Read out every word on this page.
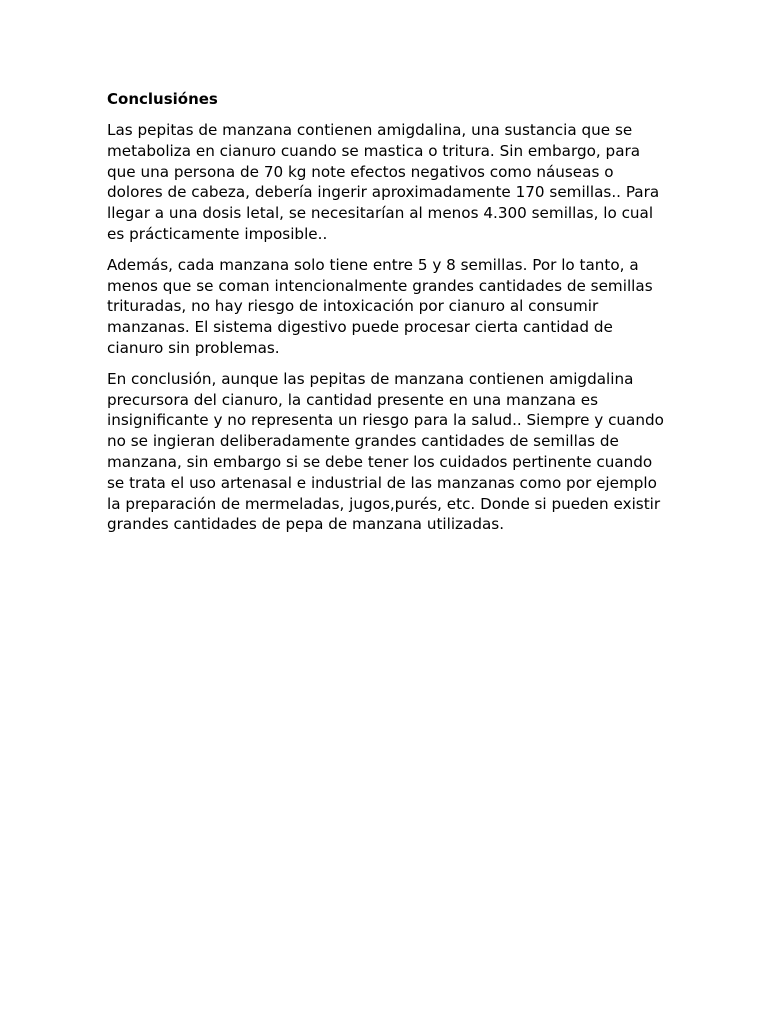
Conclusiónes

Las pepitas de manzana contienen amigdalina, una sustancia que se metaboliza en cianuro cuando se mastica o tritura. Sin embargo, para que una persona de 70 kg note efectos negativos como náuseas o dolores de cabeza, debería ingerir aproximadamente 170 semillas.. Para llegar a una dosis letal, se necesitarían al menos 4.300 semillas, lo cual es prácticamente imposible..

Además, cada manzana solo tiene entre 5 y 8 semillas. Por lo tanto, a menos que se coman intencionalmente grandes cantidades de semillas trituradas, no hay riesgo de intoxicación por cianuro al consumir manzanas. El sistema digestivo puede procesar cierta cantidad de cianuro sin problemas.

En conclusión, aunque las pepitas de manzana contienen amigdalina precursora del cianuro, la cantidad presente en una manzana es insignificante y no representa un riesgo para la salud.. Siempre y cuando no se ingieran deliberadamente grandes cantidades de semillas de manzana, sin embargo si se debe tener los cuidados pertinente cuando se trata el uso artenasal e industrial de las manzanas como por ejemplo la preparación de mermeladas, jugos,purés, etc. Donde si pueden existir grandes cantidades de pepa de manzana utilizadas.
